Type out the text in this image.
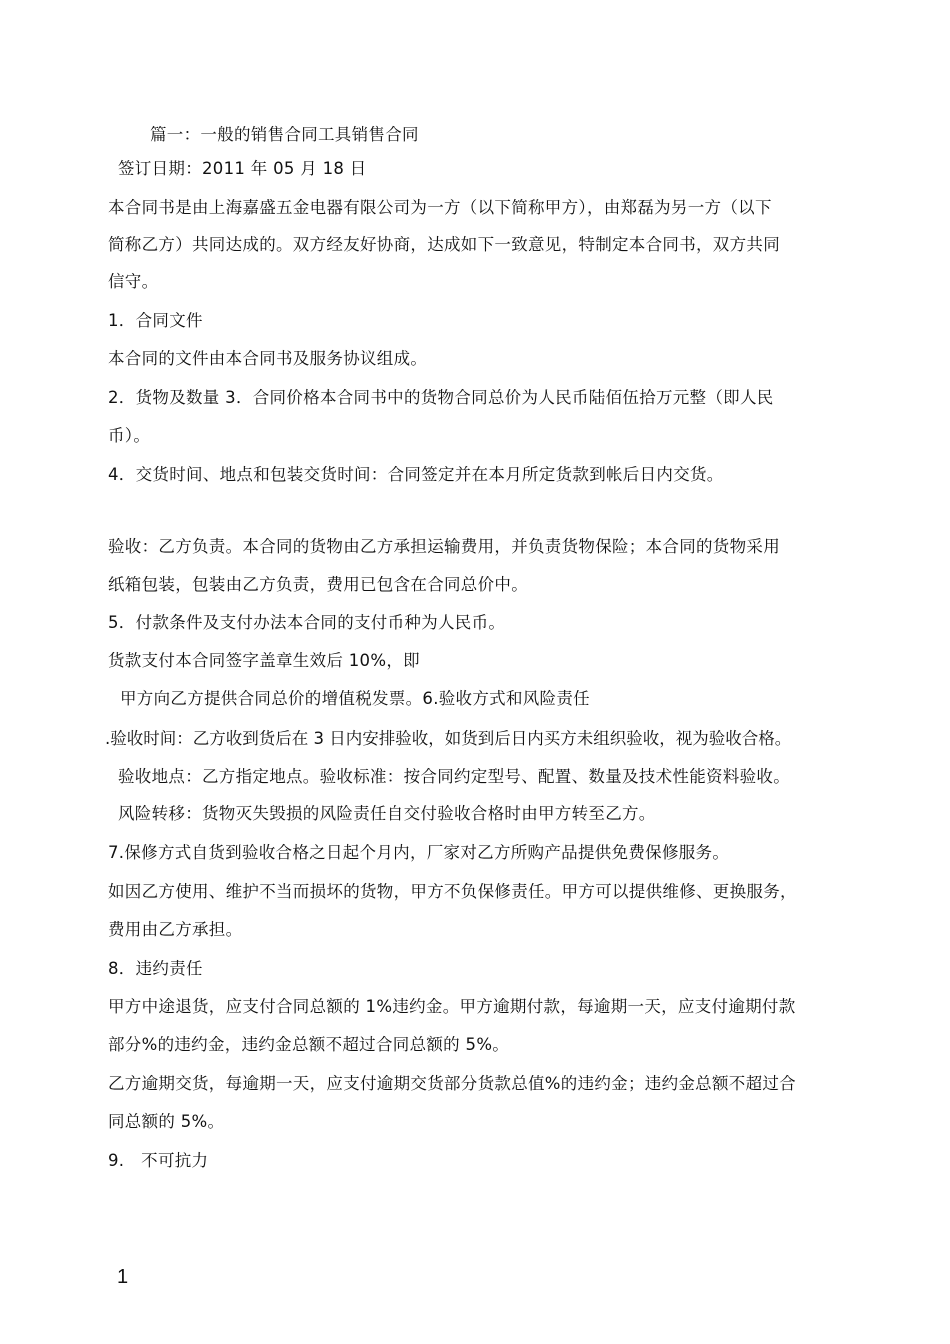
篇一：一般的销售合同工具销售合同
签订日期：2011 年 05 月 18 日
本合同书是由上海嘉盛五金电器有限公司为一方（以下简称甲方），由郑磊为另一方（以下
简称乙方）共同达成的。双方经友好协商，达成如下一致意见，特制定本合同书，双方共同
信守。
1．合同文件
本合同的文件由本合同书及服务协议组成。
2．货物及数量 3．合同价格本合同书中的货物合同总价为人民币陆佰伍拾万元整（即人民
币）。
4．交货时间、地点和包装交货时间：合同签定并在本月所定货款到帐后日内交货。
验收：乙方负责。本合同的货物由乙方承担运输费用，并负责货物保险；本合同的货物采用
纸箱包装，包装由乙方负责，费用已包含在合同总价中。
5．付款条件及支付办法本合同的支付币种为人民币。
货款支付本合同签字盖章生效后 10%，即
甲方向乙方提供合同总价的增值税发票。6.验收方式和风险责任
.验收时间：乙方收到货后在 3 日内安排验收，如货到后日内买方未组织验收，视为验收合格。
验收地点：乙方指定地点。验收标准：按合同约定型号、配置、数量及技术性能资料验收。
风险转移：货物灭失毁损的风险责任自交付验收合格时由甲方转至乙方。
7.保修方式自货到验收合格之日起个月内，厂家对乙方所购产品提供免费保修服务。
如因乙方使用、维护不当而损坏的货物，甲方不负保修责任。甲方可以提供维修、更换服务，
费用由乙方承担。
8．违约责任
甲方中途退货，应支付合同总额的 1%违约金。甲方逾期付款，每逾期一天，应支付逾期付款
部分%的违约金，违约金总额不超过合同总额的 5%。
乙方逾期交货，每逾期一天，应支付逾期交货部分货款总值%的违约金；违约金总额不超过合
同总额的 5%。
9.　不可抗力
1
